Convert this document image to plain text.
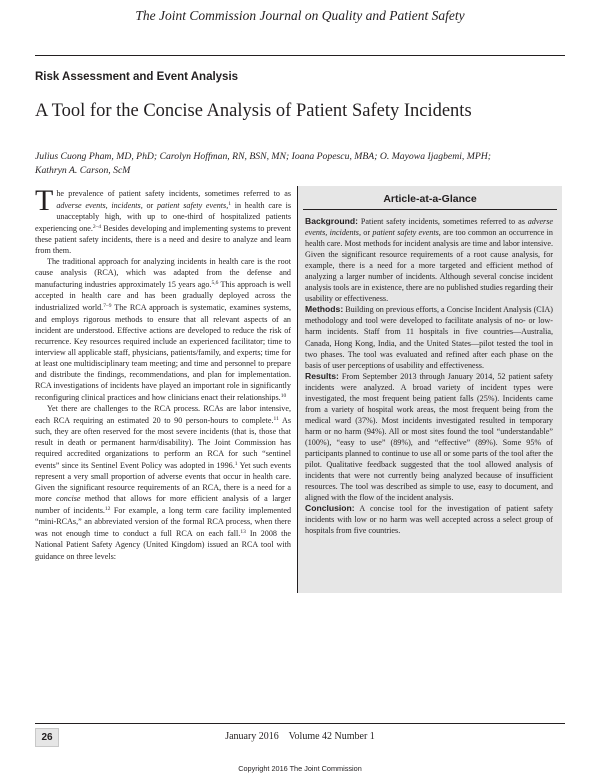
The Joint Commission Journal on Quality and Patient Safety
Risk Assessment and Event Analysis
A Tool for the Concise Analysis of Patient Safety Incidents
Julius Cuong Pham, MD, PhD; Carolyn Hoffman, RN, BSN, MN; Ioana Popescu, MBA; O. Mayowa Ijagbemi, MPH;
Kathryn A. Carson, ScM

The prevalence of patient safety incidents, sometimes referred to as adverse events, incidents, or patient safety events,$^1$ in health care is unacceptably high, with up to one-third of hospitalized patients experiencing one.$^{2-4}$ Besides developing and implementing systems to prevent these patient safety incidents, there is a need and desire to analyze and learn from them.

The traditional approach for analyzing incidents in health care is the root cause analysis (RCA), which was adapted from the defense and manufacturing industries approximately 15 years ago.$^{5,6}$ This approach is well accepted in health care and has been gradually deployed across the industrialized world.$^{7-9}$ The RCA approach is systematic, examines systems, and employs rigorous methods to ensure that all relevant aspects of an incident are understood. Effective actions are developed to reduce the risk of recurrence. Key resources required include an experienced facilitator; time to interview all applicable staff, physicians, patients/family, and experts; time for at least one multidisciplinary team meeting; and time and personnel to prepare and distribute the findings, recommendations, and plan for implementation. RCA investigations of incidents have played an important role in significantly reconfiguring clinical practices and how clinicians enact their relationships.$^{10}$

Yet there are challenges to the RCA process. RCAs are labor intensive, each RCA requiring an estimated 20 to 90 person-hours to complete.$^{11}$ As such, they are often reserved for the most severe incidents (that is, those that result in death or permanent harm/disability). The Joint Commission has required accredited organizations to perform an RCA for such “sentinel events” since its Sentinel Event Policy was adopted in 1996.$^1$ Yet such events represent a very small proportion of adverse events that occur in health care. Given the significant resource requirements of an RCA, there is a need for a more concise method that allows for more efficient analysis of a larger number of incidents.$^{12}$ For example, a long term care facility implemented “mini-RCAs,” an abbreviated version of the formal RCA process, when there was not enough time to conduct a full RCA on each fall.$^{13}$ In 2008 the National Patient Safety Agency (United Kingdom) issued an RCA tool with guidance on three levels:

Article-at-a-Glance

Background: Patient safety incidents, sometimes referred to as adverse events, incidents, or patient safety events, are too common an occurrence in health care. Most methods for incident analysis are time and labor intensive. Given the significant resource requirements of a root cause analysis, for example, there is a need for a more targeted and efficient method of analyzing a larger number of incidents. Although several concise incident analysis tools are in existence, there are no published studies regarding their usability or effectiveness.

Methods: Building on previous efforts, a Concise Incident Analysis (CIA) methodology and tool were developed to facilitate analysis of no- or low-harm incidents. Staff from 11 hospitals in five countries—Australia, Canada, Hong Kong, India, and the United States—pilot tested the tool in two phases. The tool was evaluated and refined after each phase on the basis of user perceptions of usability and effectiveness.

Results: From September 2013 through January 2014, 52 patient safety incidents were analyzed. A broad variety of incident types were investigated, the most frequent being patient falls (25%). Incidents came from a variety of hospital work areas, the most frequent being from the medical ward (37%). Most incidents investigated resulted in temporary harm or no harm (94%). All or most sites found the tool “understandable” (100%), “easy to use” (89%), and “effective” (89%). Some 95% of participants planned to continue to use all or some parts of the tool after the pilot. Qualitative feedback suggested that the tool allowed analysis of incidents that were not currently being analyzed because of insufficient resources. The tool was described as simple to use, easy to document, and aligned with the flow of the incident analysis.

Conclusion: A concise tool for the investigation of patient safety incidents with low or no harm was well accepted across a select group of hospitals from five countries.

26	January 2016    Volume 42 Number 1
Copyright 2016 The Joint Commission
